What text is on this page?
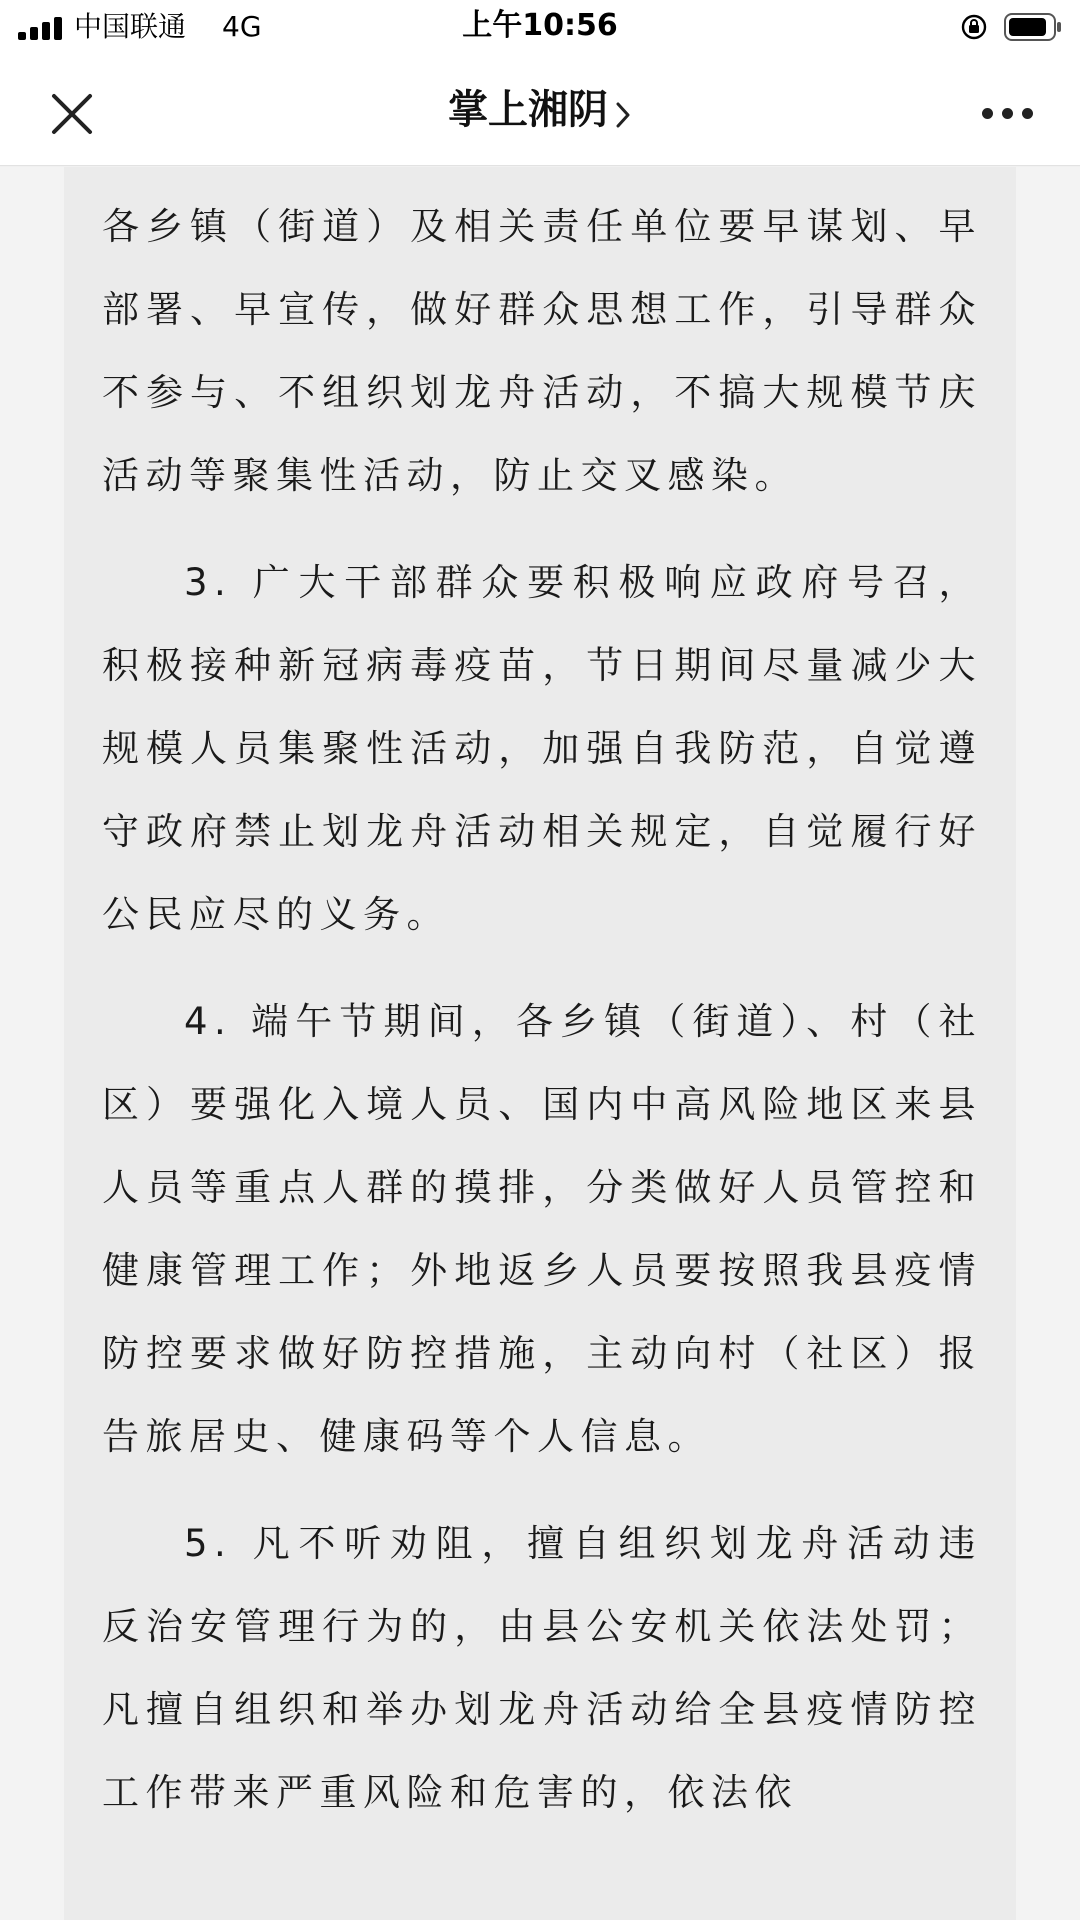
中国联通 4G	上午10:56
掌上湘阴

各乡镇（街道）及相关责任单位要早谋划、早部署、早宣传，做好群众思想工作，引导群众不参与、不组织划龙舟活动，不搞大规模节庆活动等聚集性活动，防止交叉感染。

3. 广大干部群众要积极响应政府号召，积极接种新冠病毒疫苗，节日期间尽量减少大规模人员集聚性活动，加强自我防范，自觉遵守政府禁止划龙舟活动相关规定，自觉履行好公民应尽的义务。

4. 端午节期间，各乡镇（街道）、村（社区）要强化入境人员、国内中高风险地区来县人员等重点人群的摸排，分类做好人员管控和健康管理工作；外地返乡人员要按照我县疫情防控要求做好防控措施，主动向村（社区）报告旅居史、健康码等个人信息。

5. 凡不听劝阻，擅自组织划龙舟活动违反治安管理行为的，由县公安机关依法处罚；凡擅自组织和举办划龙舟活动给全县疫情防控工作带来严重风险和危害的，依法依
